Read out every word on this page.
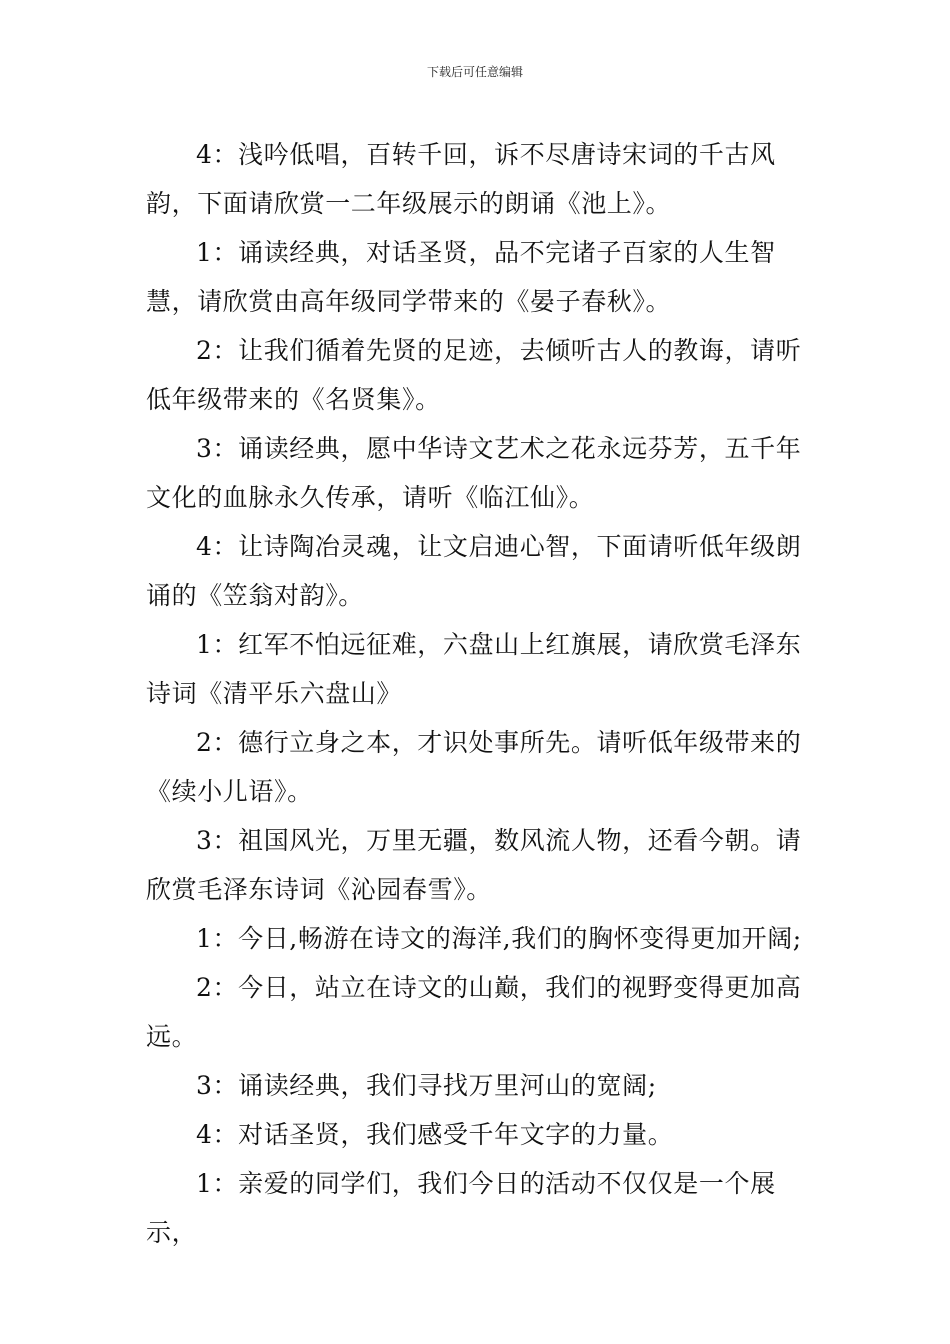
下载后可任意编辑

4：浅吟低唱，百转千回，诉不尽唐诗宋词的千古风韵，下面请欣赏一二年级展示的朗诵《池上》。

1：诵读经典，对话圣贤，品不完诸子百家的人生智慧，请欣赏由高年级同学带来的《晏子春秋》。

2：让我们循着先贤的足迹，去倾听古人的教诲，请听低年级带来的《名贤集》。

3：诵读经典，愿中华诗文艺术之花永远芬芳，五千年文化的血脉永久传承，请听《临江仙》。

4：让诗陶冶灵魂，让文启迪心智，下面请听低年级朗诵的《笠翁对韵》。

1：红军不怕远征难，六盘山上红旗展，请欣赏毛泽东诗词《清平乐六盘山》

2：德行立身之本，才识处事所先。请听低年级带来的《续小儿语》。

3：祖国风光，万里无疆，数风流人物，还看今朝。请欣赏毛泽东诗词《沁园春雪》。

1：今日,畅游在诗文的海洋,我们的胸怀变得更加开阔;

2：今日，站立在诗文的山巅，我们的视野变得更加高远。

3：诵读经典，我们寻找万里河山的宽阔;

4：对话圣贤，我们感受千年文字的力量。

1：亲爱的同学们，我们今日的活动不仅仅是一个展示，
